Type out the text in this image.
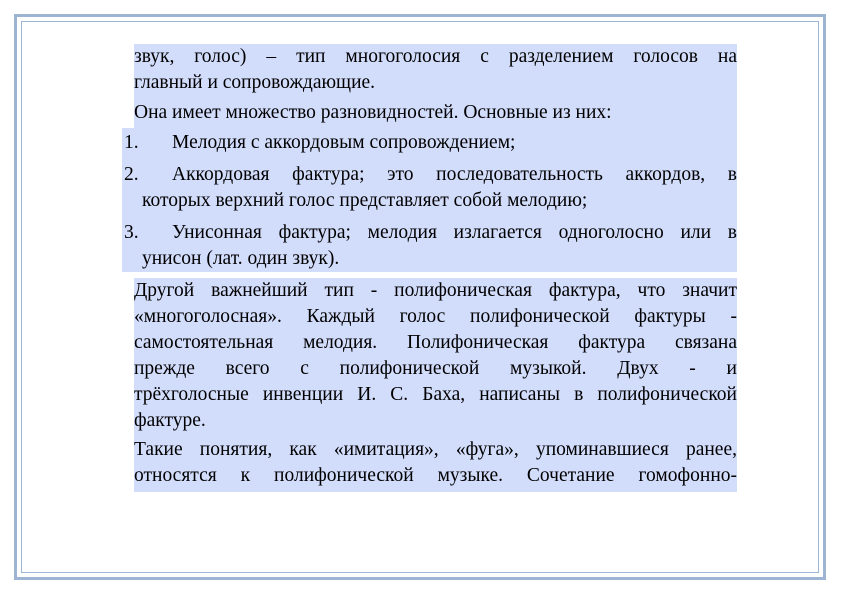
звук, голос) – тип многоголосия с разделением голосов на
главный и сопровождающие.
Она имеет множество разновидностей. Основные из них:
1. Мелодия с аккордовым сопровождением;
2. Аккордовая фактура; это последовательность аккордов, в
которых верхний голос представляет собой мелодию;
3. Унисонная фактура; мелодия излагается одноголосно или в
унисон (лат. один звук).
Другой важнейший тип - полифоническая фактура, что значит
«многоголосная». Каждый голос полифонической фактуры -
самостоятельная мелодия. Полифоническая фактура связана
прежде всего с полифонической музыкой. Двух - и
трёхголосные инвенции И. С. Баха, написаны в полифонической
фактуре.
Такие понятия, как «имитация», «фуга», упоминавшиеся ранее,
относятся к полифонической музыке. Сочетание гомофонно-
